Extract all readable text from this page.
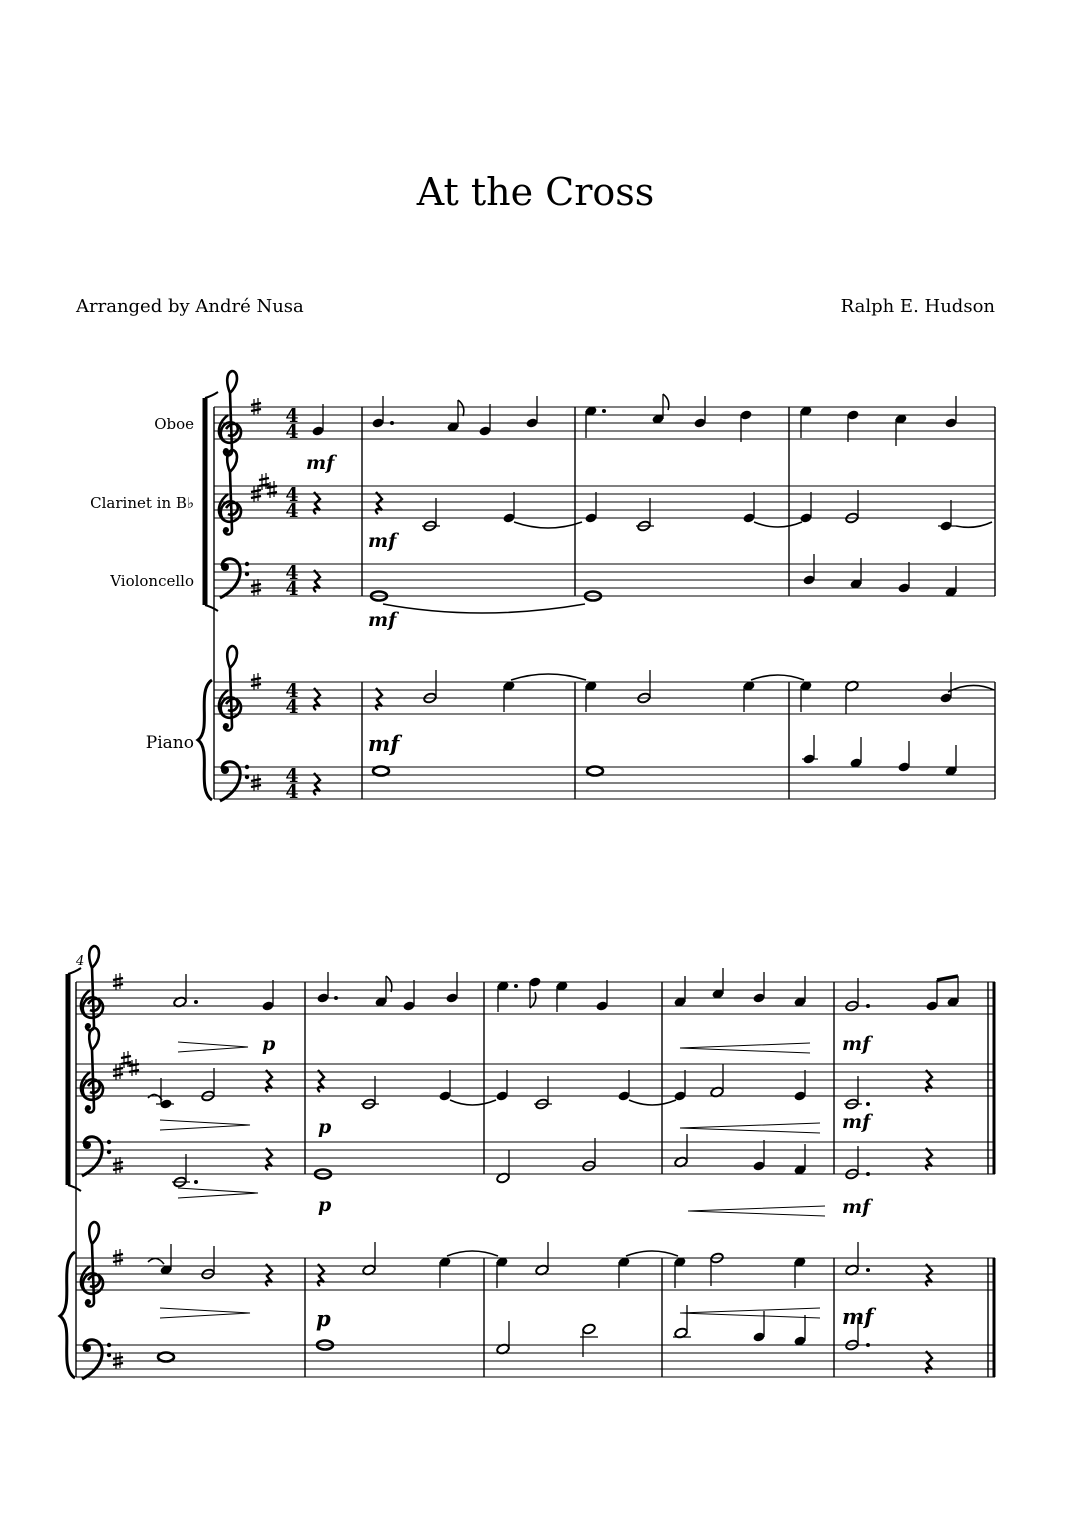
At the Cross
Arranged by André Nusa	Ralph E. Hudson
Oboe
Clarinet in B♭
Violoncello
Piano
4
4
4
4
4
4
4
4
4
4
mf
mf
mf
mf
4
p	mf
p	mf
p	mf
p	mf
